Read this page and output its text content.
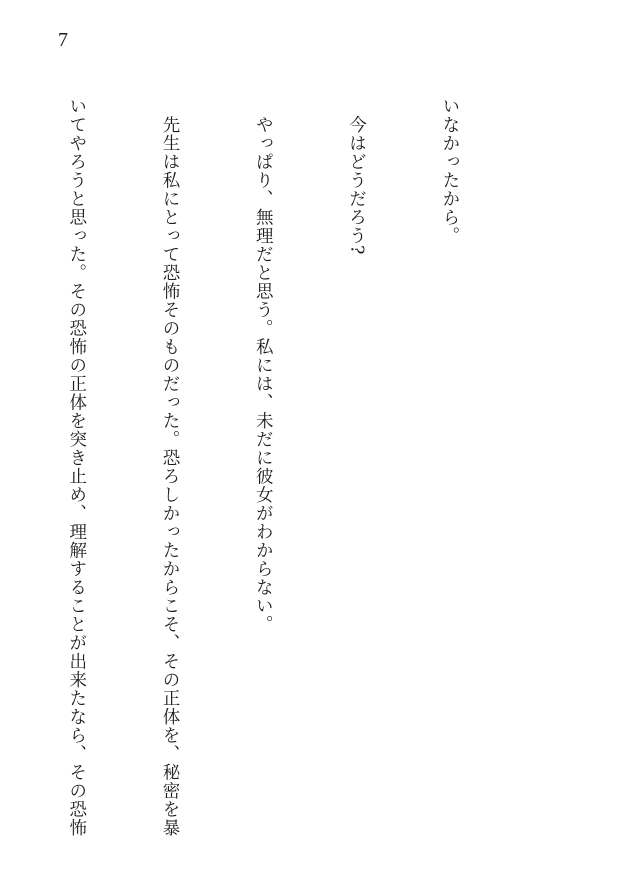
7

いなかったから。

　今はどうだろう?

　やっぱり、無理だと思う。私には、未だに彼女がわからない。

　先生は私にとって恐怖そのものだった。恐ろしかったからこそ、その正体を、秘密を暴

いてやろうと思った。その恐怖の正体を突き止め、理解することが出来たなら、その恐怖
